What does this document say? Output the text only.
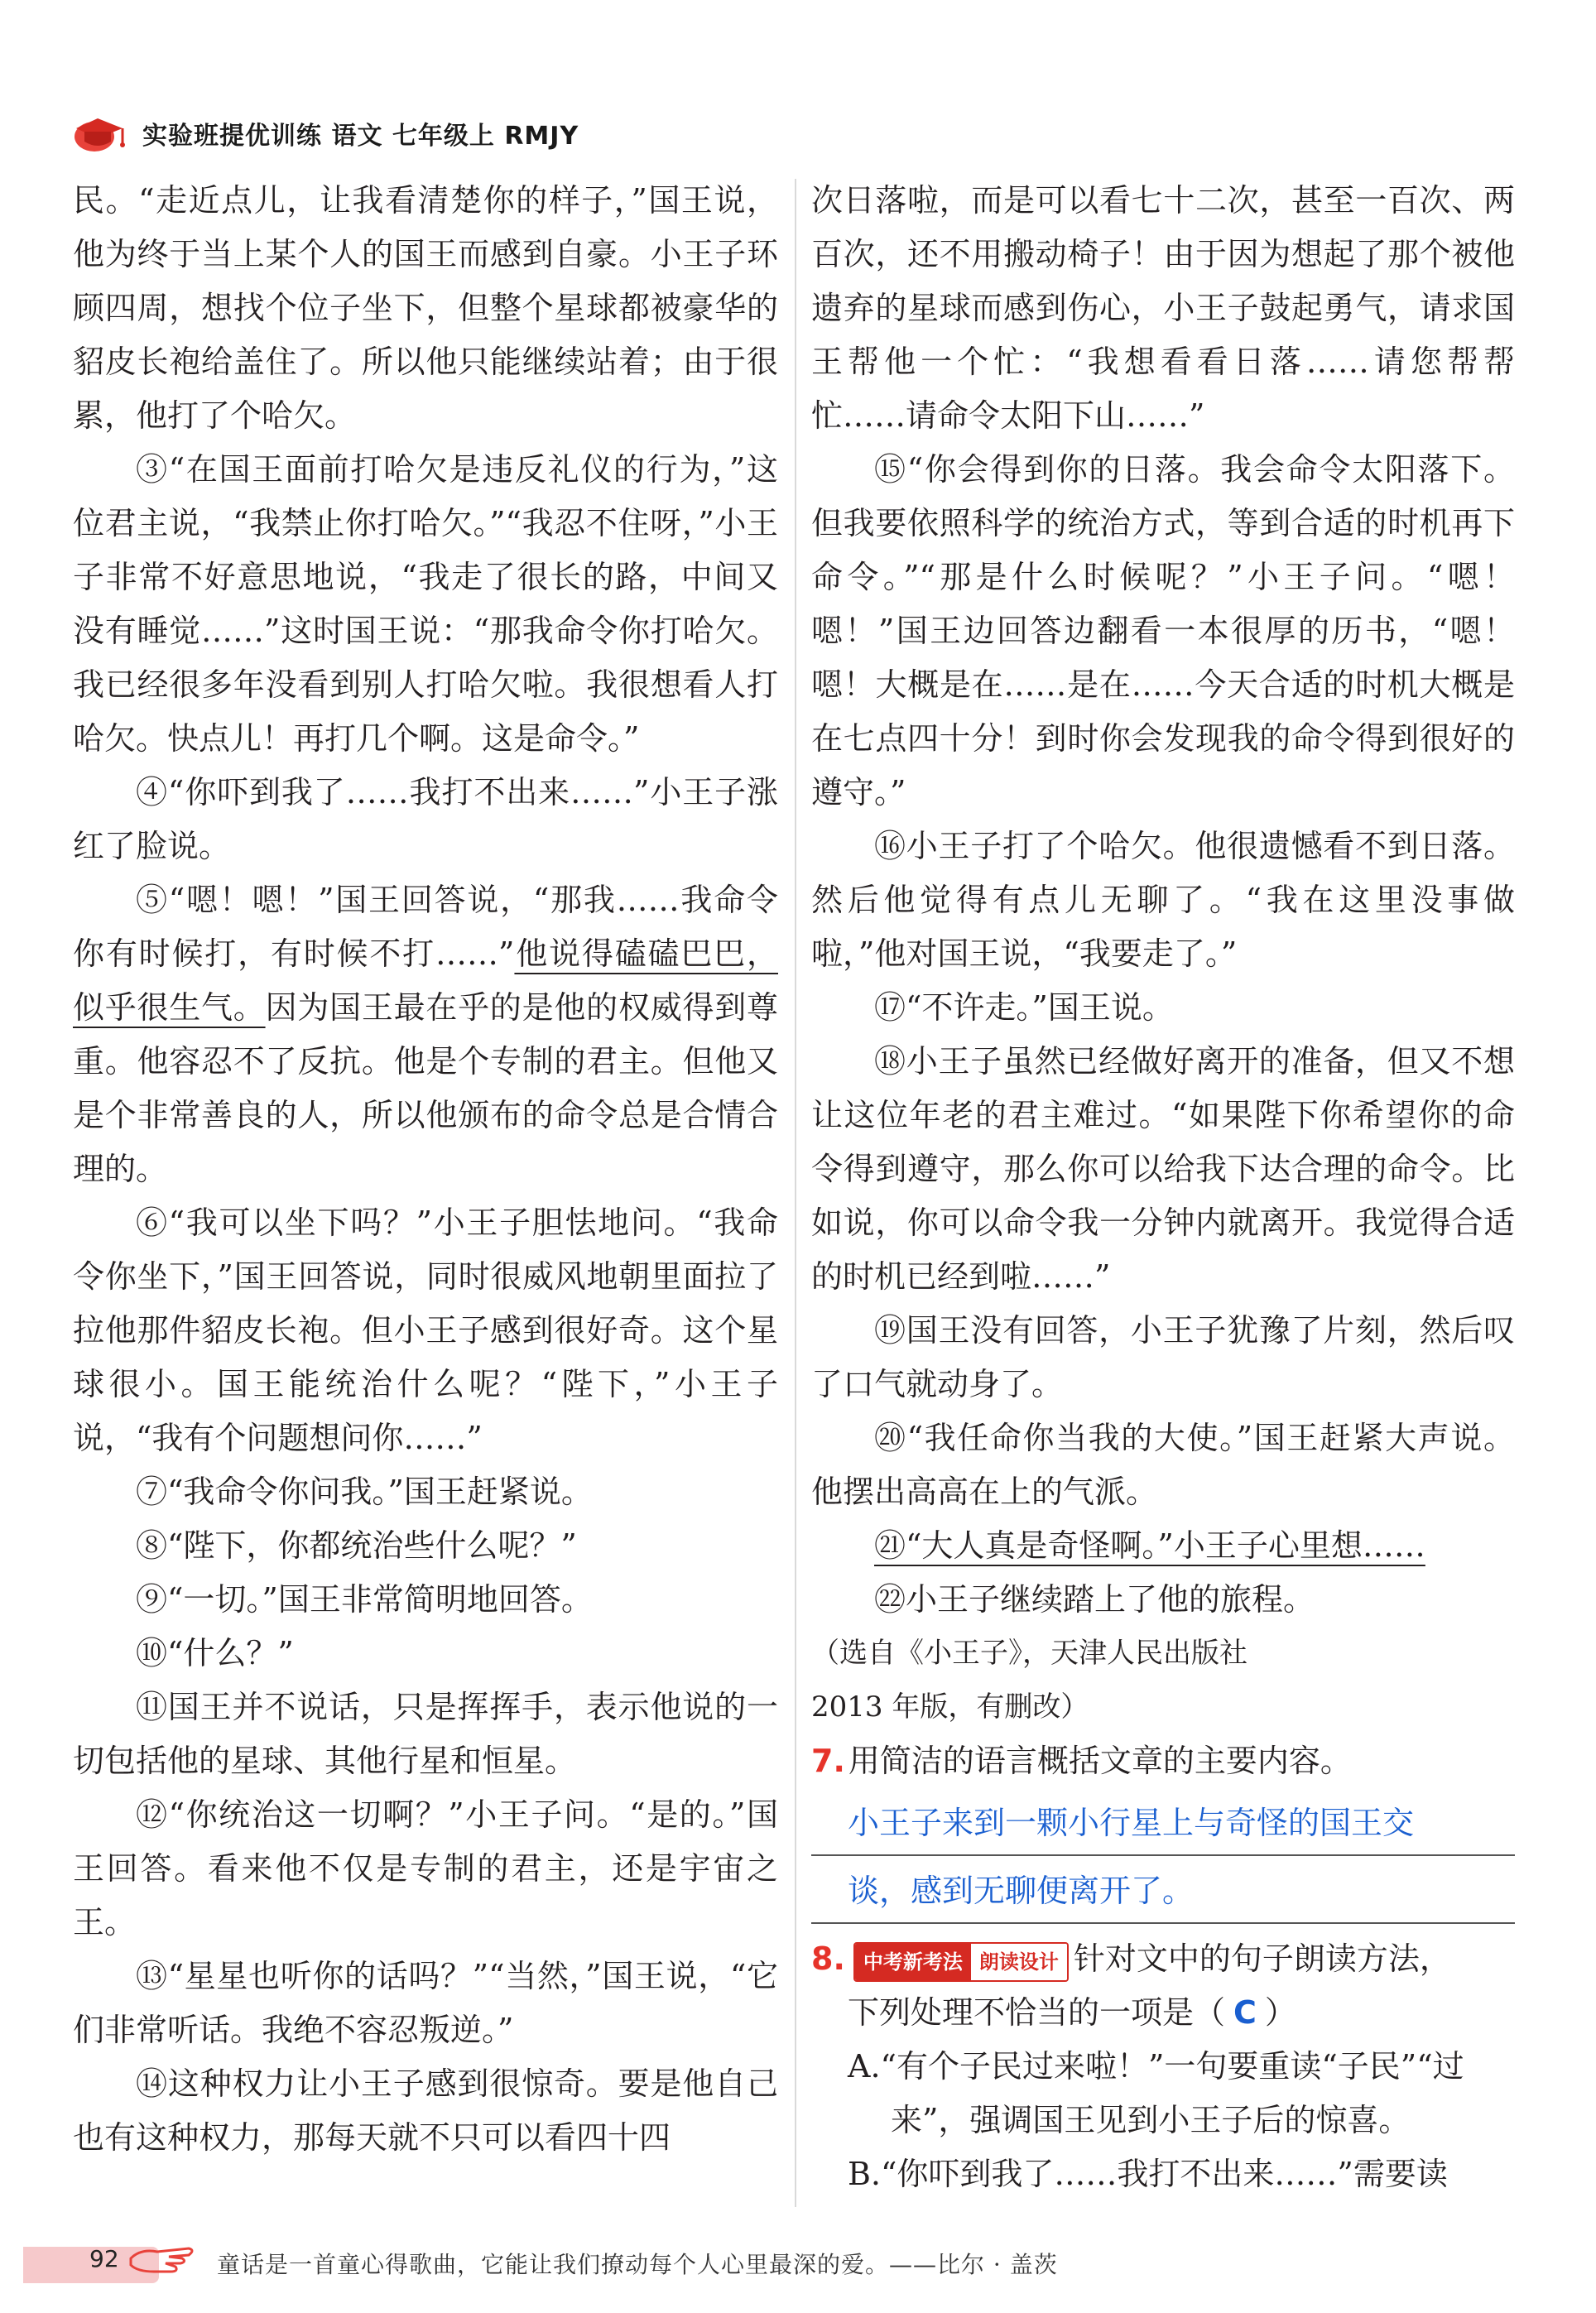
实验班提优训练 语文 七年级上 RMJY

民。“走近点儿，让我看清楚你的样子，”国王说，他为终于当上某个人的国王而感到自豪。小王子环顾四周，想找个位子坐下，但整个星球都被豪华的貂皮长袍给盖住了。所以他只能继续站着；由于很累，他打了个哈欠。

③“在国王面前打哈欠是违反礼仪的行为，”这位君主说，“我禁止你打哈欠。”“我忍不住呀，”小王子非常不好意思地说，“我走了很长的路，中间又没有睡觉……”这时国王说：“那我命令你打哈欠。我已经很多年没看到别人打哈欠啦。我很想看人打哈欠。快点儿！再打几个啊。这是命令。”

④“你吓到我了……我打不出来……”小王子涨红了脸说。

⑤“嗯！嗯！”国王回答说，“那我……我命令你有时候打，有时候不打……”他说得磕磕巴巴，似乎很生气。因为国王最在乎的是他的权威得到尊重。他容忍不了反抗。他是个专制的君主。但他又是个非常善良的人，所以他颁布的命令总是合情合理的。

⑥“我可以坐下吗？”小王子胆怯地问。“我命令你坐下，”国王回答说，同时很威风地朝里面拉了拉他那件貂皮长袍。但小王子感到很好奇。这个星球很小。国王能统治什么呢？“陛下，”小王子说，“我有个问题想问你……”

⑦“我命令你问我。”国王赶紧说。

⑧“陛下，你都统治些什么呢？”

⑨“一切。”国王非常简明地回答。

⑩“什么？”

⑪国王并不说话，只是挥挥手，表示他说的一切包括他的星球、其他行星和恒星。

⑫“你统治这一切啊？”小王子问。“是的。”国王回答。看来他不仅是专制的君主，还是宇宙之王。

⑬“星星也听你的话吗？”“当然，”国王说，“它们非常听话。我绝不容忍叛逆。”

⑭这种权力让小王子感到很惊奇。要是他自己也有这种权力，那每天就不只可以看四十四

次日落啦，而是可以看七十二次，甚至一百次、两百次，还不用搬动椅子！由于因为想起了那个被他遗弃的星球而感到伤心，小王子鼓起勇气，请求国王帮他一个忙：“我想看看日落……请您帮帮忙……请命令太阳下山……”

⑮“你会得到你的日落。我会命令太阳落下。但我要依照科学的统治方式，等到合适的时机再下命令。”“那是什么时候呢？”小王子问。“嗯！嗯！”国王边回答边翻看一本很厚的历书，“嗯！嗯！大概是在……是在……今天合适的时机大概是在七点四十分！到时你会发现我的命令得到很好的遵守。”

⑯小王子打了个哈欠。他很遗憾看不到日落。然后他觉得有点儿无聊了。“我在这里没事做啦，”他对国王说，“我要走了。”

⑰“不许走。”国王说。

⑱小王子虽然已经做好离开的准备，但又不想让这位年老的君主难过。“如果陛下你希望你的命令得到遵守，那么你可以给我下达合理的命令。比如说，你可以命令我一分钟内就离开。我觉得合适的时机已经到啦……”

⑲国王没有回答，小王子犹豫了片刻，然后叹了口气就动身了。

⑳“我任命你当我的大使。”国王赶紧大声说。他摆出高高在上的气派。

㉑“大人真是奇怪啊。”小王子心里想……

㉒小王子继续踏上了他的旅程。

（选自《小王子》，天津人民出版社

2013 年版，有删改）

7. 用简洁的语言概括文章的主要内容。

小王子来到一颗小行星上与奇怪的国王交
谈，感到无聊便离开了。

8. 中考新考法 朗读设计 针对文中的句子朗读方法，

下列处理不恰当的一项是（ C ）

A.“有个子民过来啦！”一句要重读“子民”“过来”，强调国王见到小王子后的惊喜。

B.“你吓到我了……我打不出来……”需要读

92	童话是一首童心得歌曲，它能让我们撩动每个人心里最深的爱。——比尔 · 盖茨
